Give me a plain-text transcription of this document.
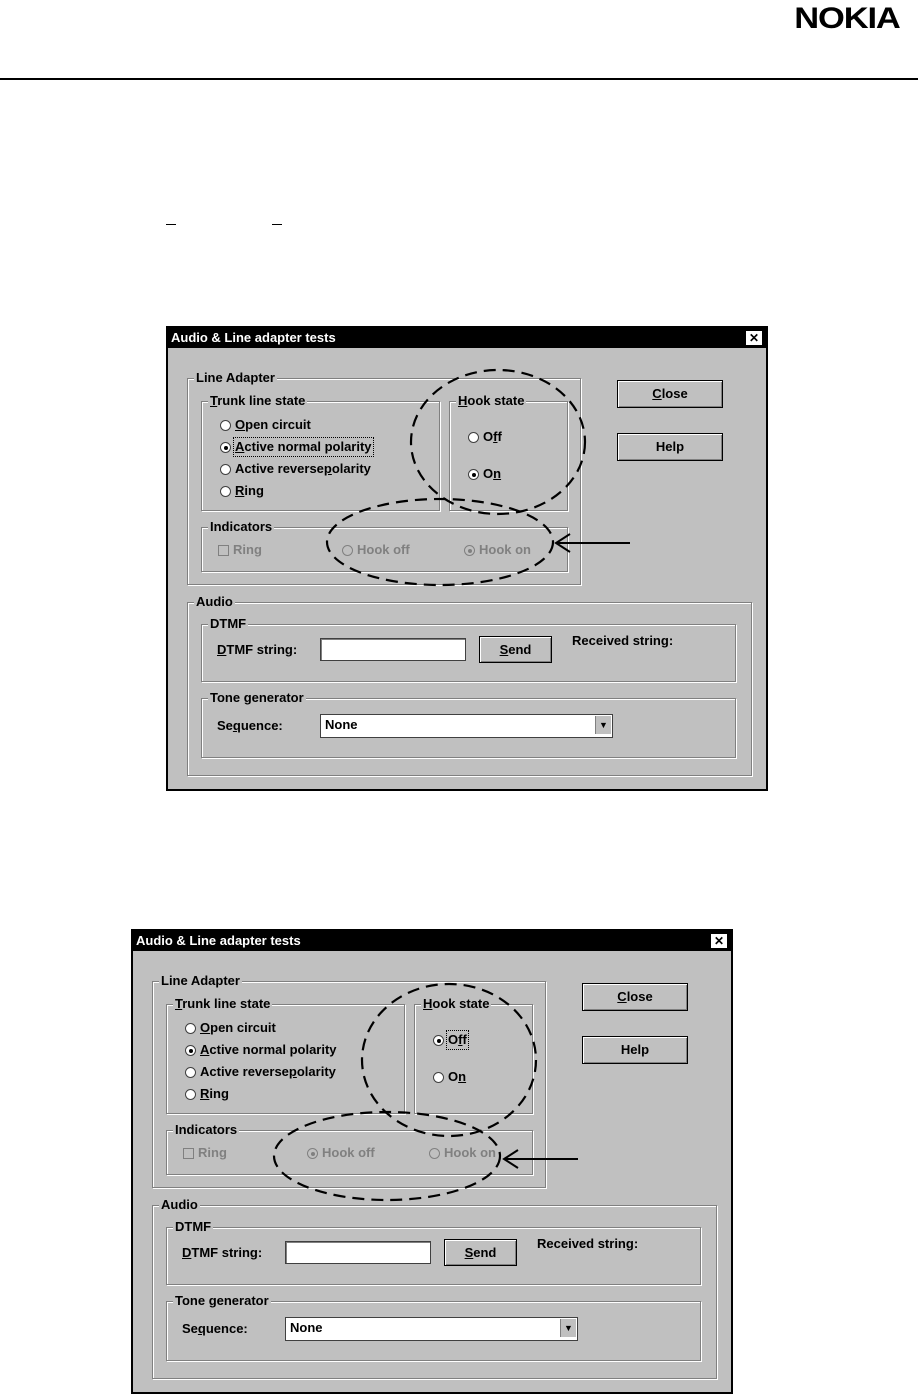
NOKIA
Audio & Line adapter tests	✕
Line Adapter
Trunk line state
O pen circuit
Active normal polarity
Active reverse p olarity
R ing
Hook state
O f f
O n
Indicators
Ring	Hook off	Hook on
Close
Help
Audio
DTMF
DTMF string:	Send
Received string:
Tone generator
Sequence:	None	▼
Audio & Line adapter tests	✕
Line Adapter
Trunk line state
O pen circuit
A ctive normal polarity
Active reverse p olarity
R ing
Hook state
Off
O n
Indicators
Ring	Hook off	Hook on
Close
Help
Audio
DTMF
DTMF string:	Send
Received string:
Tone generator
Sequence:	None	▼
